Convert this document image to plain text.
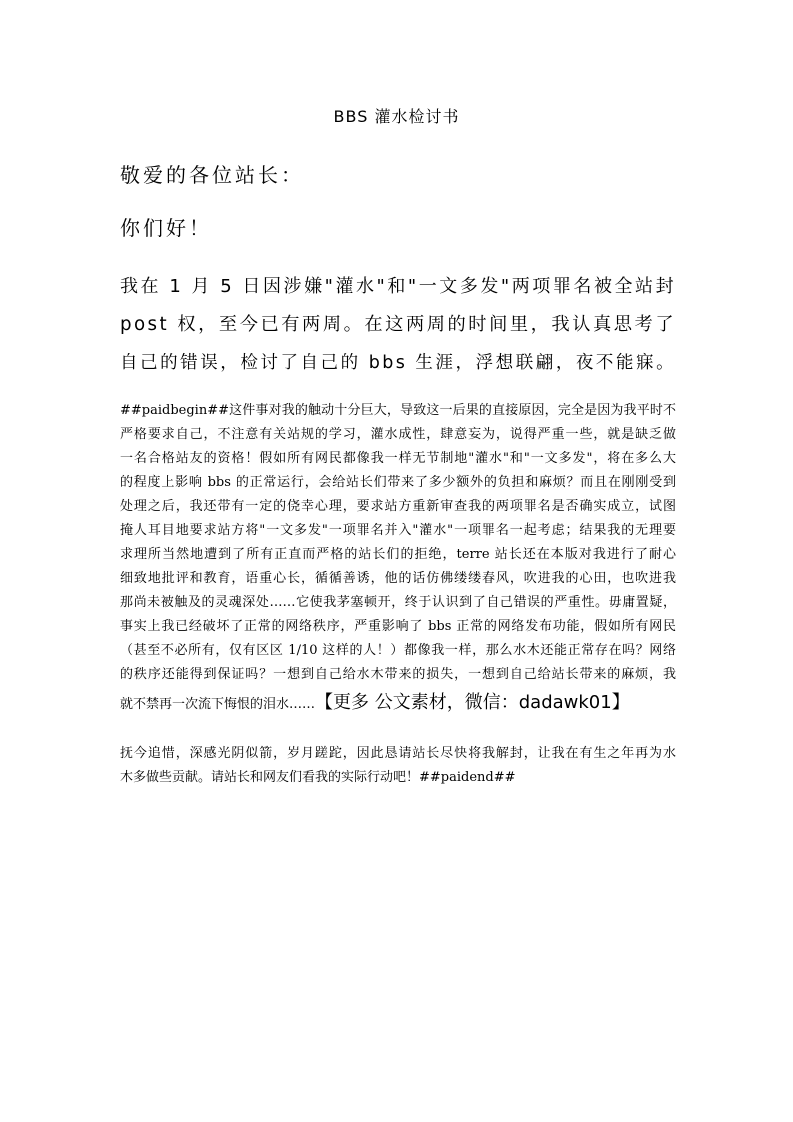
BBS 灌水检讨书
敬爱的各位站长：
你们好！
我在 1 月 5 日因涉嫌"灌水"和"一文多发"两项罪名被全站封
post 权，至今已有两周。在这两周的时间里，我认真思考了
自己的错误，检讨了自己的 bbs 生涯，浮想联翩，夜不能寐。
##paidbegin##这件事对我的触动十分巨大，导致这一后果的直接原因，完全是因为我平时不
严格要求自己，不注意有关站规的学习，灌水成性，肆意妄为，说得严重一些，就是缺乏做
一名合格站友的资格！假如所有网民都像我一样无节制地"灌水"和"一文多发"，将在多么大
的程度上影响 bbs 的正常运行，会给站长们带来了多少额外的负担和麻烦？而且在刚刚受到
处理之后，我还带有一定的侥幸心理，要求站方重新审查我的两项罪名是否确实成立，试图
掩人耳目地要求站方将"一文多发"一项罪名并入"灌水"一项罪名一起考虑；结果我的无理要
求理所当然地遭到了所有正直而严格的站长们的拒绝，terre 站长还在本版对我进行了耐心
细致地批评和教育，语重心长，循循善诱，他的话仿佛缕缕春风，吹进我的心田，也吹进我
那尚未被触及的灵魂深处……它使我茅塞顿开，终于认识到了自己错误的严重性。毋庸置疑，
事实上我已经破坏了正常的网络秩序，严重影响了 bbs 正常的网络发布功能，假如所有网民
（甚至不必所有，仅有区区 1/10 这样的人！）都像我一样，那么水木还能正常存在吗？网络
的秩序还能得到保证吗？一想到自己给水木带来的损失，一想到自己给站长带来的麻烦，我
就不禁再一次流下悔恨的泪水……【更多 公文素材，微信：dadawk01】
抚今追惜，深感光阴似箭，岁月蹉跎，因此恳请站长尽快将我解封，让我在有生之年再为水
木多做些贡献。请站长和网友们看我的实际行动吧！##paidend##
